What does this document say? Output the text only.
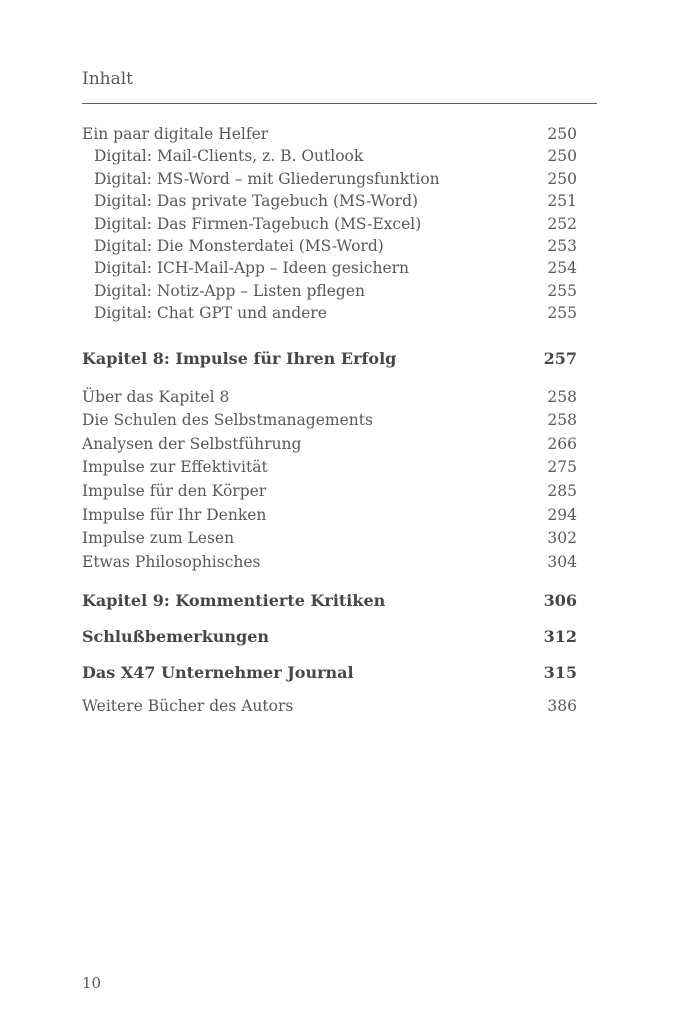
Inhalt
Ein paar digitale Helfer	250
Digital: Mail-Clients, z. B. Outlook	250
Digital: MS-Word – mit Gliederungsfunktion	250
Digital: Das private Tagebuch (MS-Word)	251
Digital: Das Firmen-Tagebuch (MS-Excel)	252
Digital: Die Monsterdatei (MS-Word)	253
Digital: ICH-Mail-App – Ideen gesichern	254
Digital: Notiz-App – Listen pflegen	255
Digital: Chat GPT und andere	255
Kapitel 8: Impulse für Ihren Erfolg	257
Über das Kapitel 8	258
Die Schulen des Selbstmanagements	258
Analysen der Selbstführung	266
Impulse zur Effektivität	275
Impulse für den Körper	285
Impulse für Ihr Denken	294
Impulse zum Lesen	302
Etwas Philosophisches	304
Kapitel 9: Kommentierte Kritiken	306
Schlußbemerkungen	312
Das X47 Unternehmer Journal	315
Weitere Bücher des Autors	386
10
